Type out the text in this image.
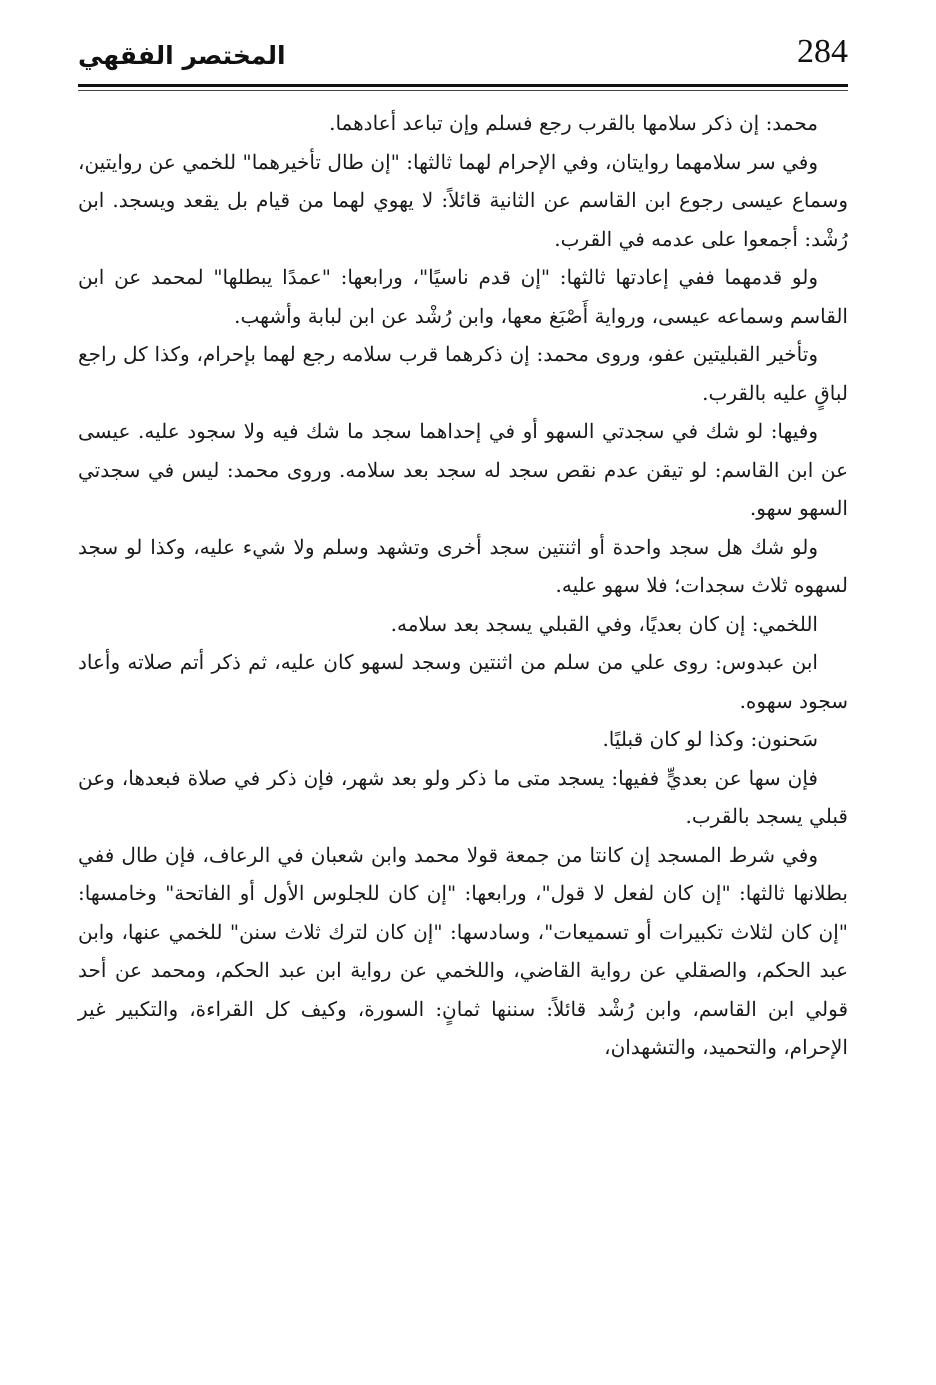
284
المختصر الفقهي

محمد: إن ذكر سلامها بالقرب رجع فسلم وإن تباعد أعادهما.

وفي سر سلامهما روايتان، وفي الإحرام لهما ثالثها: "إن طال تأخيرهما" للخمي عن روايتين، وسماع عيسى رجوع ابن القاسم عن الثانية قائلاً: لا يهوي لهما من قيام بل يقعد ويسجد. ابن رُشْد: أجمعوا على عدمه في القرب.

ولو قدمهما ففي إعادتها ثالثها: "إن قدم ناسيًا"، ورابعها: "عمدًا يبطلها" لمحمد عن ابن القاسم وسماعه عيسى، ورواية أَصْبَغ معها، وابن رُشْد عن ابن لبابة وأشهب.

وتأخير القبليتين عفو، وروى محمد: إن ذكرهما قرب سلامه رجع لهما بإحرام، وكذا كل راجع لباقٍ عليه بالقرب.

وفيها: لو شك في سجدتي السهو أو في إحداهما سجد ما شك فيه ولا سجود عليه. عيسى عن ابن القاسم: لو تيقن عدم نقص سجد له سجد بعد سلامه. وروى محمد: ليس في سجدتي السهو سهو.

ولو شك هل سجد واحدة أو اثنتين سجد أخرى وتشهد وسلم ولا شيء عليه، وكذا لو سجد لسهوه ثلاث سجدات؛ فلا سهو عليه.

اللخمي: إن كان بعديًا، وفي القبلي يسجد بعد سلامه.

ابن عبدوس: روى علي من سلم من اثنتين وسجد لسهو كان عليه، ثم ذكر أتم صلاته وأعاد سجود سهوه.

سَحنون: وكذا لو كان قبليًا.

فإن سها عن بعديٍّ ففيها: يسجد متى ما ذكر ولو بعد شهر، فإن ذكر في صلاة فبعدها، وعن قبلي يسجد بالقرب.

وفي شرط المسجد إن كانتا من جمعة قولا محمد وابن شعبان في الرعاف، فإن طال ففي بطلانها ثالثها: "إن كان لفعل لا قول"، ورابعها: "إن كان للجلوس الأول أو الفاتحة" وخامسها: "إن كان لثلاث تكبيرات أو تسميعات"، وسادسها: "إن كان لترك ثلاث سنن" للخمي عنها، وابن عبد الحكم، والصقلي عن رواية القاضي، واللخمي عن رواية ابن عبد الحكم، ومحمد عن أحد قولي ابن القاسم، وابن رُشْد قائلاً: سننها ثمانٍ: السورة، وكيف كل القراءة، والتكبير غير الإحرام، والتحميد، والتشهدان،
